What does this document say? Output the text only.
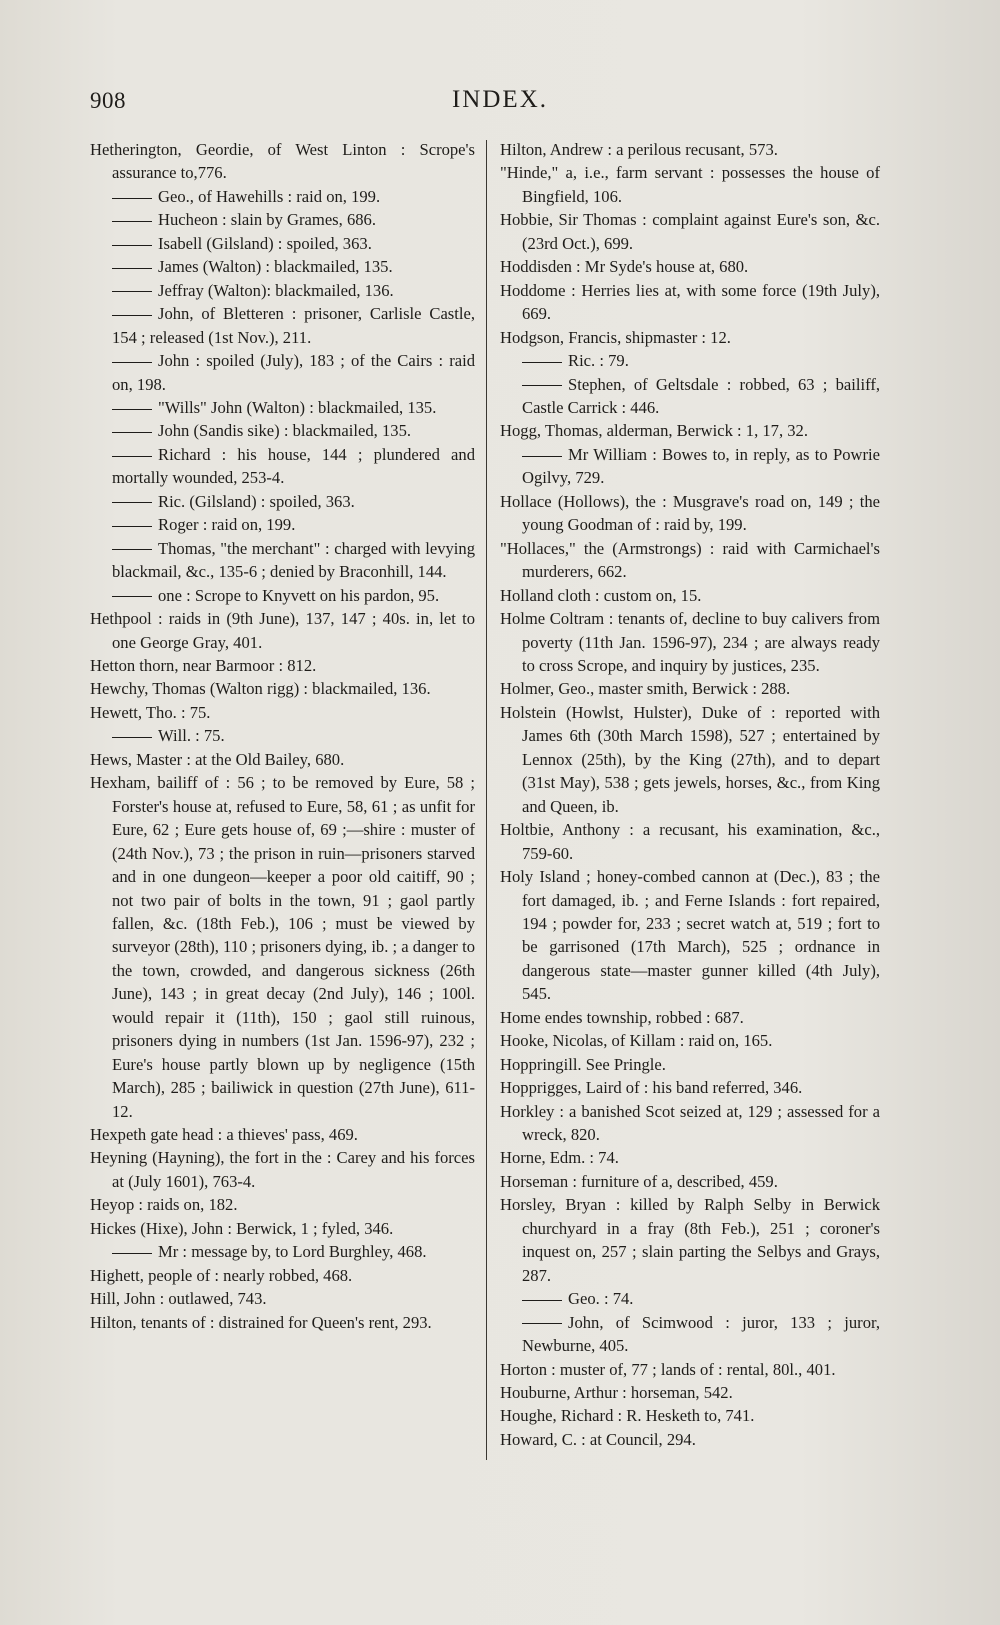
908	INDEX.

Hetherington, Geordie, of West Linton : Scrope's assurance to,776.

Geo., of Hawehills : raid on, 199.

Hucheon : slain by Grames, 686.

Isabell (Gilsland) : spoiled, 363.

James (Walton) : blackmailed, 135.

Jeffray (Walton): blackmailed, 136.

John, of Bletteren : prisoner, Carlisle Castle, 154 ; released (1st Nov.), 211.

John : spoiled (July), 183 ; of the Cairs : raid on, 198.

"Wills" John (Walton) : blackmailed, 135.

John (Sandis sike) : blackmailed, 135.

Richard : his house, 144 ; plundered and mortally wounded, 253-4.

Ric. (Gilsland) : spoiled, 363.

Roger : raid on, 199.

Thomas, "the merchant" : charged with levying blackmail, &c., 135-6 ; denied by Braconhill, 144.

one : Scrope to Knyvett on his pardon, 95.

Hethpool : raids in (9th June), 137, 147 ; 40s. in, let to one George Gray, 401.

Hetton thorn, near Barmoor : 812.

Hewchy, Thomas (Walton rigg) : blackmailed, 136.

Hewett, Tho. : 75.

Will. : 75.

Hews, Master : at the Old Bailey, 680.

Hexham, bailiff of : 56 ; to be removed by Eure, 58 ; Forster's house at, refused to Eure, 58, 61 ; as unfit for Eure, 62 ; Eure gets house of, 69 ;—shire : muster of (24th Nov.), 73 ; the prison in ruin—prisoners starved and in one dungeon—keeper a poor old caitiff, 90 ; not two pair of bolts in the town, 91 ; gaol partly fallen, &c. (18th Feb.), 106 ; must be viewed by surveyor (28th), 110 ; prisoners dying, ib. ; a danger to the town, crowded, and dangerous sickness (26th June), 143 ; in great decay (2nd July), 146 ; 100l. would repair it (11th), 150 ; gaol still ruinous, prisoners dying in numbers (1st Jan. 1596-97), 232 ; Eure's house partly blown up by negligence (15th March), 285 ; bailiwick in question (27th June), 611-12.

Hexpeth gate head : a thieves' pass, 469.

Heyning (Hayning), the fort in the : Carey and his forces at (July 1601), 763-4.

Heyop : raids on, 182.

Hickes (Hixe), John : Berwick, 1 ; fyled, 346.

Mr : message by, to Lord Burghley, 468.

Highett, people of : nearly robbed, 468.

Hill, John : outlawed, 743.

Hilton, tenants of : distrained for Queen's rent, 293.

Hilton, Andrew : a perilous recusant, 573.

"Hinde," a, i.e., farm servant : possesses the house of Bingfield, 106.

Hobbie, Sir Thomas : complaint against Eure's son, &c. (23rd Oct.), 699.

Hoddisden : Mr Syde's house at, 680.

Hoddome : Herries lies at, with some force (19th July), 669.

Hodgson, Francis, shipmaster : 12.

Ric. : 79.

Stephen, of Geltsdale : robbed, 63 ; bailiff, Castle Carrick : 446.

Hogg, Thomas, alderman, Berwick : 1, 17, 32.

Mr William : Bowes to, in reply, as to Powrie Ogilvy, 729.

Hollace (Hollows), the : Musgrave's road on, 149 ; the young Goodman of : raid by, 199.

"Hollaces," the (Armstrongs) : raid with Carmichael's murderers, 662.

Holland cloth : custom on, 15.

Holme Coltram : tenants of, decline to buy calivers from poverty (11th Jan. 1596-97), 234 ; are always ready to cross Scrope, and inquiry by justices, 235.

Holmer, Geo., master smith, Berwick : 288.

Holstein (Howlst, Hulster), Duke of : reported with James 6th (30th March 1598), 527 ; entertained by Lennox (25th), by the King (27th), and to depart (31st May), 538 ; gets jewels, horses, &c., from King and Queen, ib.

Holtbie, Anthony : a recusant, his examination, &c., 759-60.

Holy Island ; honey-combed cannon at (Dec.), 83 ; the fort damaged, ib. ; and Ferne Islands : fort repaired, 194 ; powder for, 233 ; secret watch at, 519 ; fort to be garrisoned (17th March), 525 ; ordnance in dangerous state—master gunner killed (4th July), 545.

Home endes township, robbed : 687.

Hooke, Nicolas, of Killam : raid on, 165.

Hoppringill. See Pringle.

Hopprigges, Laird of : his band referred, 346.

Horkley : a banished Scot seized at, 129 ; assessed for a wreck, 820.

Horne, Edm. : 74.

Horseman : furniture of a, described, 459.

Horsley, Bryan : killed by Ralph Selby in Berwick churchyard in a fray (8th Feb.), 251 ; coroner's inquest on, 257 ; slain parting the Selbys and Grays, 287.

Geo. : 74.

John, of Scimwood : juror, 133 ; juror, Newburne, 405.

Horton : muster of, 77 ; lands of : rental, 80l., 401.

Houburne, Arthur : horseman, 542.

Houghe, Richard : R. Hesketh to, 741.

Howard, C. : at Council, 294.
